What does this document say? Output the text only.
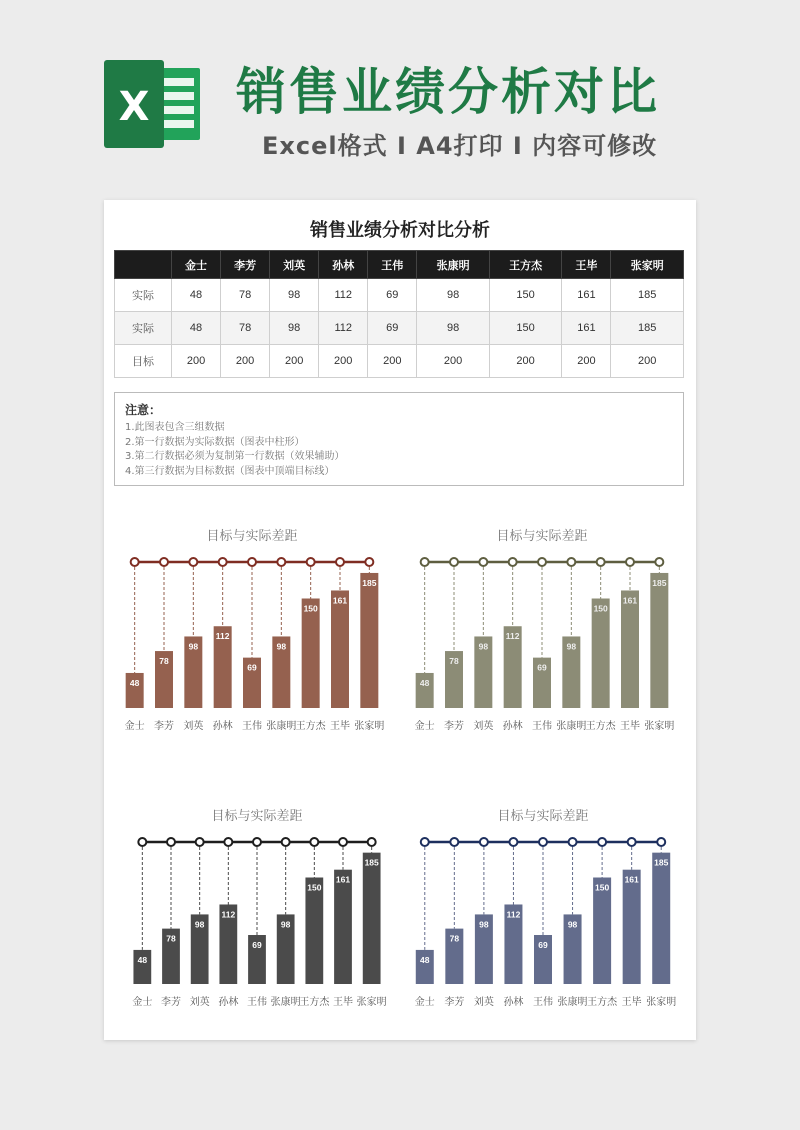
X 销售业绩分析对比
Excel格式 I A4打印 I 内容可修改
销售业绩分析对比分析
	金士	李芳	刘英	孙林	王伟	张康明	王方杰	王毕	张家明
实际	48	78	98	112	69	98	150	161	185
实际	48	78	98	112	69	98	150	161	185
目标	200	200	200	200	200	200	200	200	200
注意：
1.此图表包含三组数据
2.第一行数据为实际数据（图表中柱形）
3.第二行数据必须为复制第一行数据（效果辅助）
4.第三行数据为目标数据（图表中顶端目标线）
目标与实际差距
48
金士
78
李芳
98
刘英
112
孙林
69
王伟
98
张康明
150
王方杰
161
王毕
185
张家明
目标与实际差距
48
金士
78
李芳
98
刘英
112
孙林
69
王伟
98
张康明
150
王方杰
161
王毕
185
张家明
目标与实际差距
48
金士
78
李芳
98
刘英
112
孙林
69
王伟
98
张康明
150
王方杰
161
王毕
185
张家明
目标与实际差距
48
金士
78
李芳
98
刘英
112
孙林
69
王伟
98
张康明
150
王方杰
161
王毕
185
张家明
